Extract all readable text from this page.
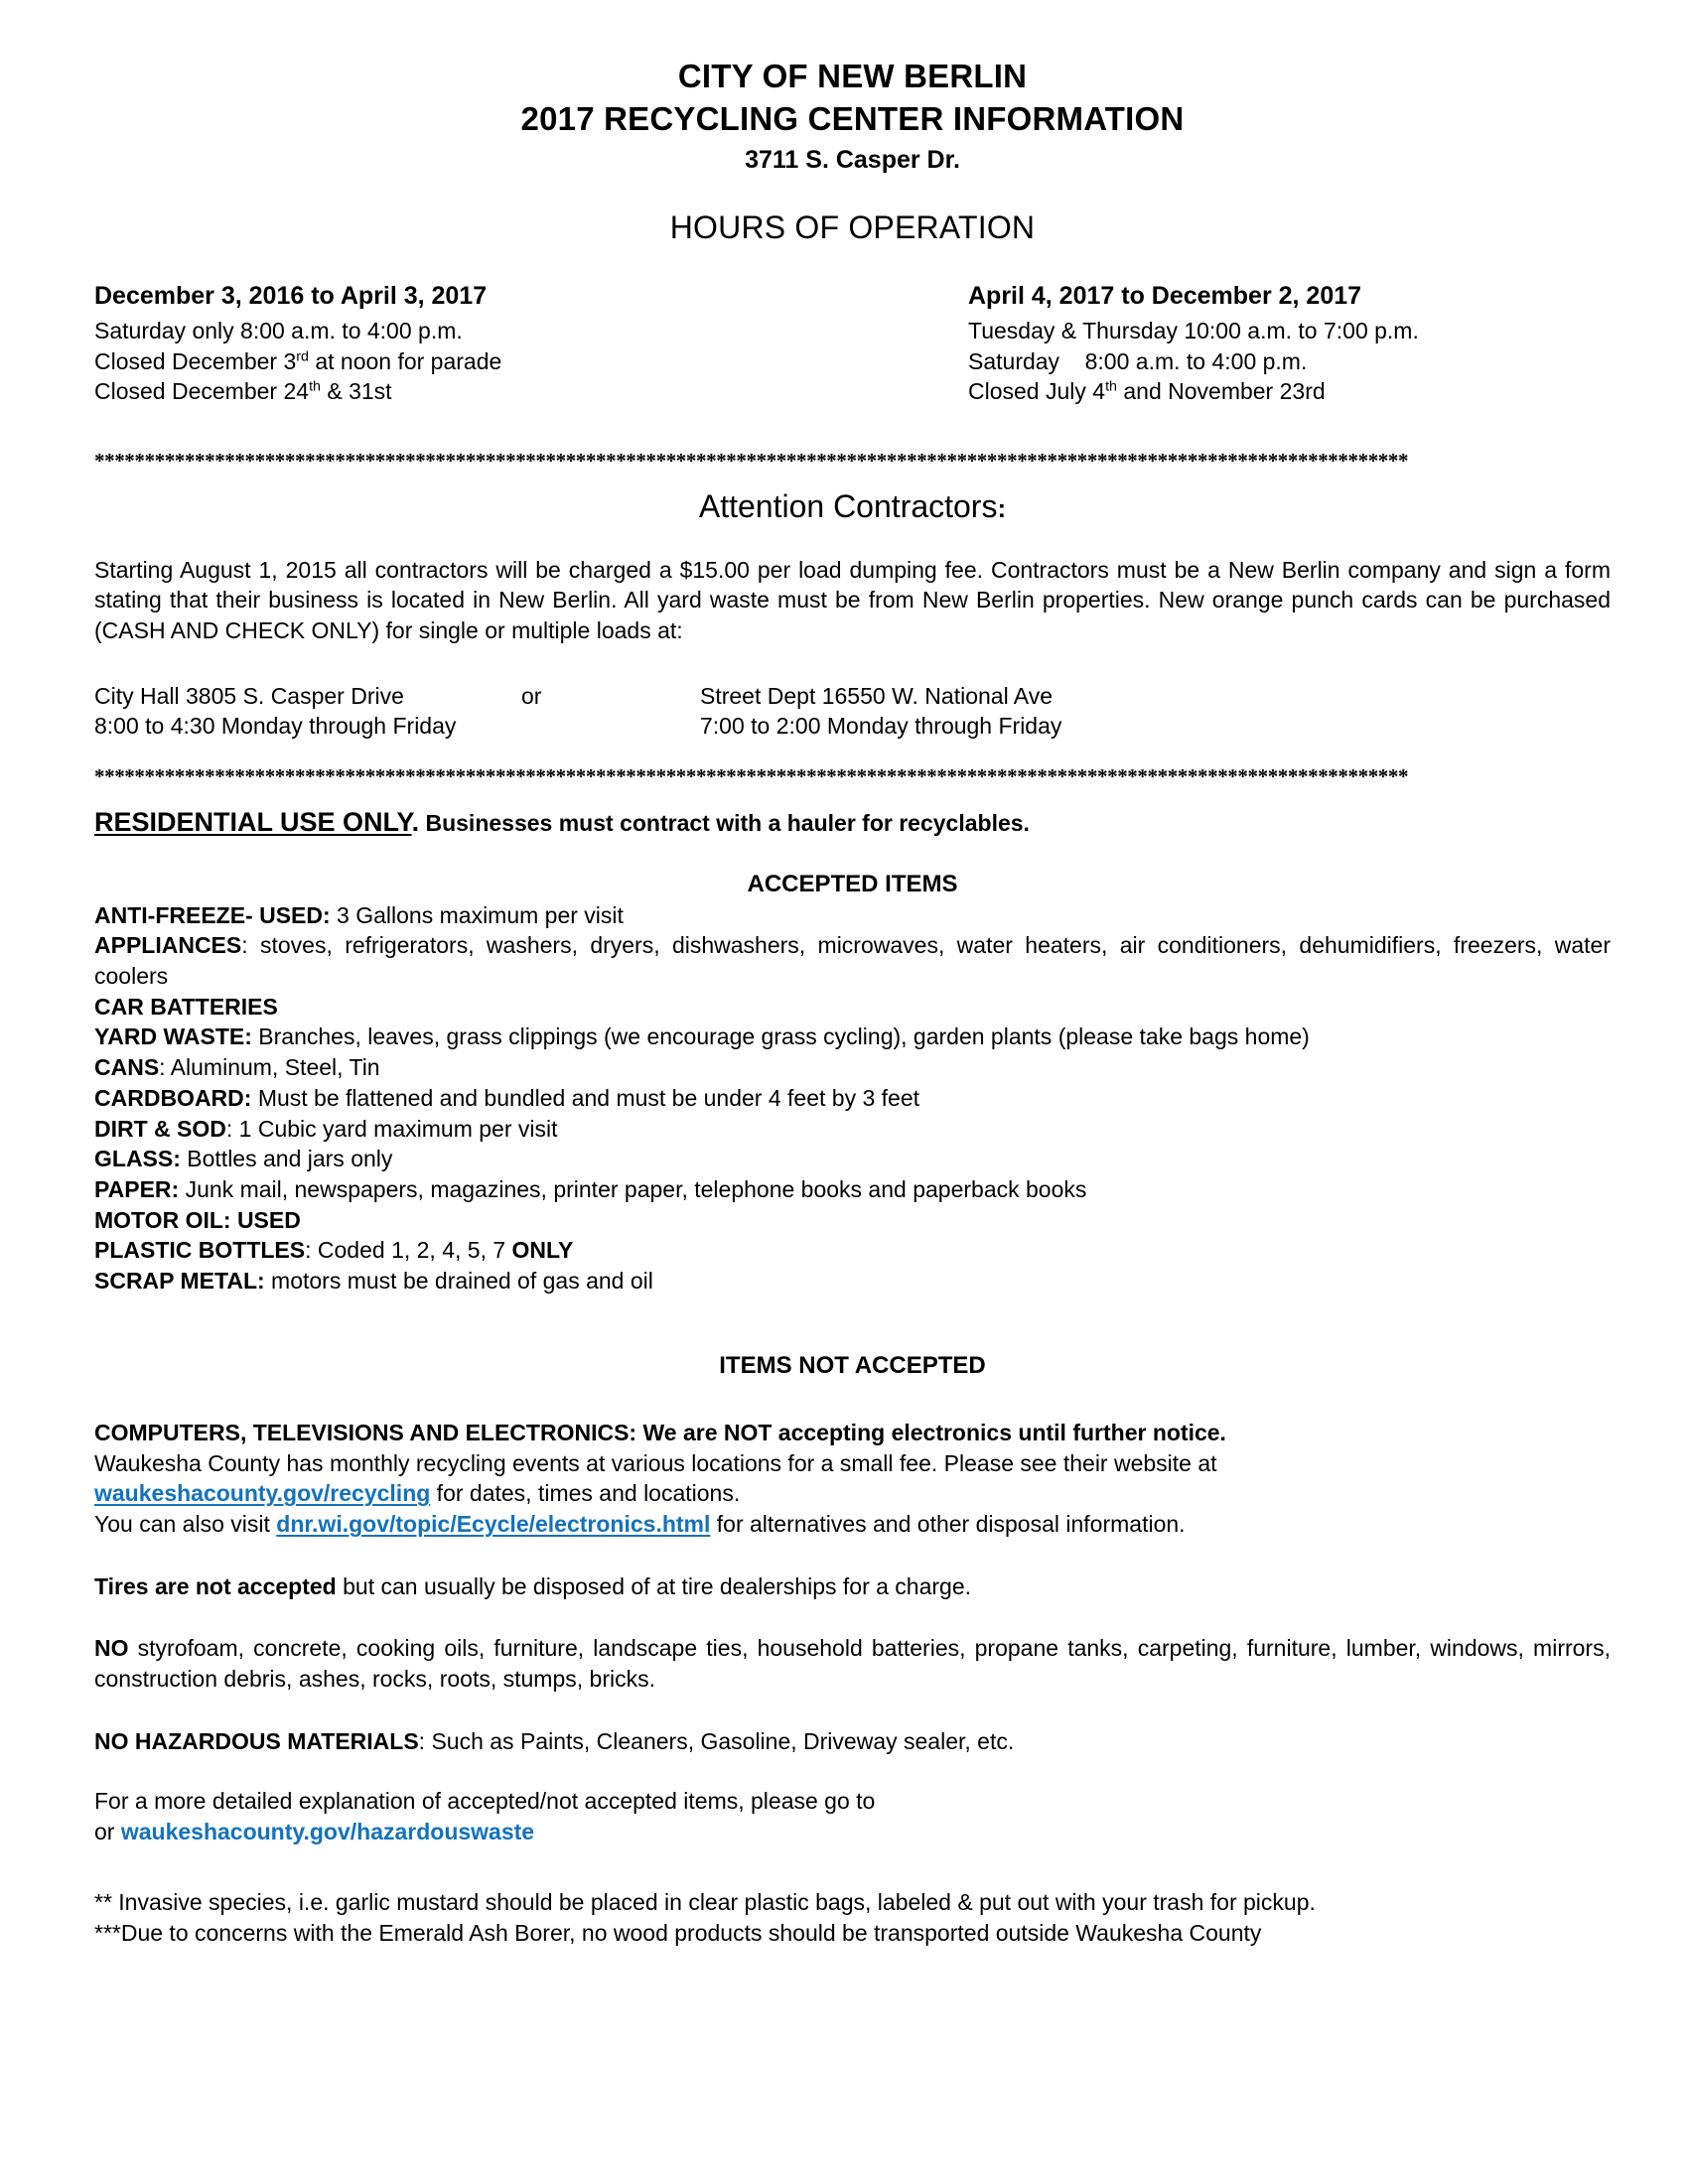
CITY OF NEW BERLIN
2017 RECYCLING CENTER INFORMATION
3711 S. Casper Dr.
HOURS OF OPERATION
December 3, 2016 to April 3, 2017
Saturday only 8:00 a.m. to 4:00 p.m.
Closed December 3rd at noon for parade
Closed December 24th & 31st
April 4, 2017 to December 2, 2017
Tuesday & Thursday 10:00 a.m. to 7:00 p.m.
Saturday    8:00 a.m. to 4:00 p.m.
Closed July 4th and November 23rd
***********************************************************************************************************************************
Attention Contractors:
Starting August 1, 2015 all contractors will be charged a $15.00 per load dumping fee. Contractors must be a New Berlin company and sign a form stating that their business is located in New Berlin. All yard waste must be from New Berlin properties. New orange punch cards can be purchased (CASH AND CHECK ONLY) for single or multiple loads at:
City Hall 3805 S. Casper Drive
8:00 to 4:30 Monday through Friday
or	Street Dept 16550 W. National Ave
7:00 to 2:00 Monday through Friday
***********************************************************************************************************************************
RESIDENTIAL USE ONLY. Businesses must contract with a hauler for recyclables.
ACCEPTED ITEMS
ANTI-FREEZE- USED: 3 Gallons maximum per visit
APPLIANCES: stoves, refrigerators, washers, dryers, dishwashers, microwaves, water heaters, air conditioners, dehumidifiers, freezers, water coolers
CAR BATTERIES
YARD WASTE: Branches, leaves, grass clippings (we encourage grass cycling), garden plants (please take bags home)
CANS: Aluminum, Steel, Tin
CARDBOARD: Must be flattened and bundled and must be under 4 feet by 3 feet
DIRT & SOD: 1 Cubic yard maximum per visit
GLASS: Bottles and jars only
PAPER: Junk mail, newspapers, magazines, printer paper, telephone books and paperback books
MOTOR OIL: USED
PLASTIC BOTTLES: Coded 1, 2, 4, 5, 7 ONLY
SCRAP METAL: motors must be drained of gas and oil
ITEMS NOT ACCEPTED
COMPUTERS, TELEVISIONS AND ELECTRONICS: We are NOT accepting electronics until further notice.
Waukesha County has monthly recycling events at various locations for a small fee. Please see their website at
waukeshacounty.gov/recycling for dates, times and locations.
You can also visit dnr.wi.gov/topic/Ecycle/electronics.html for alternatives and other disposal information.
Tires are not accepted but can usually be disposed of at tire dealerships for a charge.
NO styrofoam, concrete, cooking oils, furniture, landscape ties, household batteries, propane tanks, carpeting, furniture, lumber, windows, mirrors, construction debris, ashes, rocks, roots, stumps, bricks.
NO HAZARDOUS MATERIALS: Such as Paints, Cleaners, Gasoline, Driveway sealer, etc.
For a more detailed explanation of accepted/not accepted items, please go to
or waukeshacounty.gov/hazardouswaste
** Invasive species, i.e. garlic mustard should be placed in clear plastic bags, labeled & put out with your trash for pickup.
***Due to concerns with the Emerald Ash Borer, no wood products should be transported outside Waukesha County
